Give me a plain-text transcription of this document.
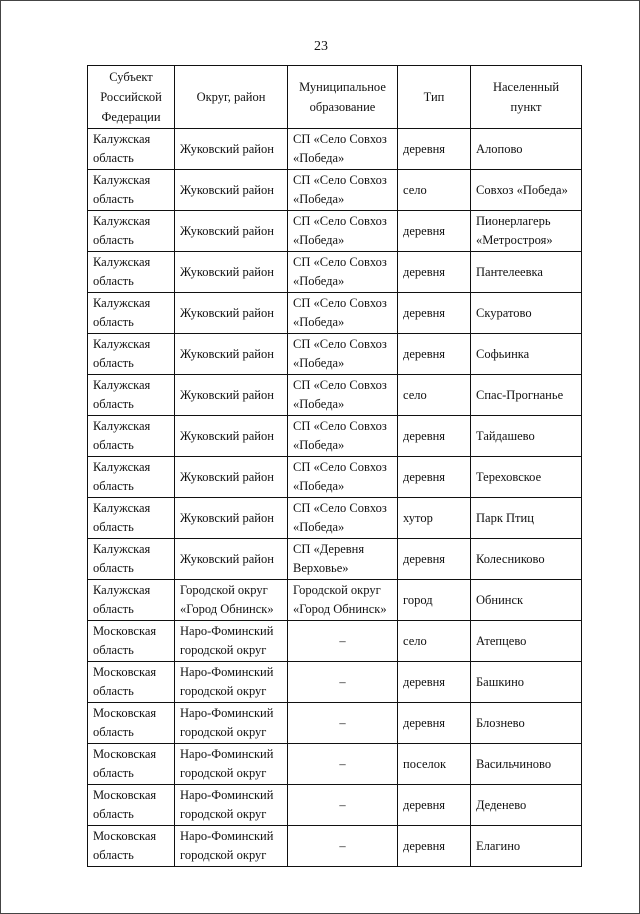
23
Субъект Российской Федерации	Округ, район	Муниципальное образование	Тип	Населенный пункт
Калужская область	Жуковский район	СП «Село Совхоз «Победа»	деревня	Алопово
Калужская область	Жуковский район	СП «Село Совхоз «Победа»	село	Совхоз «Победа»
Калужская область	Жуковский район	СП «Село Совхоз «Победа»	деревня	Пионерлагерь «Метростроя»
Калужская область	Жуковский район	СП «Село Совхоз «Победа»	деревня	Пантелеевка
Калужская область	Жуковский район	СП «Село Совхоз «Победа»	деревня	Скуратово
Калужская область	Жуковский район	СП «Село Совхоз «Победа»	деревня	Софьинка
Калужская область	Жуковский район	СП «Село Совхоз «Победа»	село	Спас-Прогнанье
Калужская область	Жуковский район	СП «Село Совхоз «Победа»	деревня	Тайдашево
Калужская область	Жуковский район	СП «Село Совхоз «Победа»	деревня	Тереховское
Калужская область	Жуковский район	СП «Село Совхоз «Победа»	хутор	Парк Птиц
Калужская область	Жуковский район	СП «Деревня Верховье»	деревня	Колесниково
Калужская область	Городской округ «Город Обнинск»	Городской округ «Город Обнинск»	город	Обнинск
Московская область	Наро-Фоминский городской округ	–	село	Атепцево
Московская область	Наро-Фоминский городской округ	–	деревня	Башкино
Московская область	Наро-Фоминский городской округ	–	деревня	Блознево
Московская область	Наро-Фоминский городской округ	–	поселок	Васильчиново
Московская область	Наро-Фоминский городской округ	–	деревня	Деденево
Московская область	Наро-Фоминский городской округ	–	деревня	Елагино
